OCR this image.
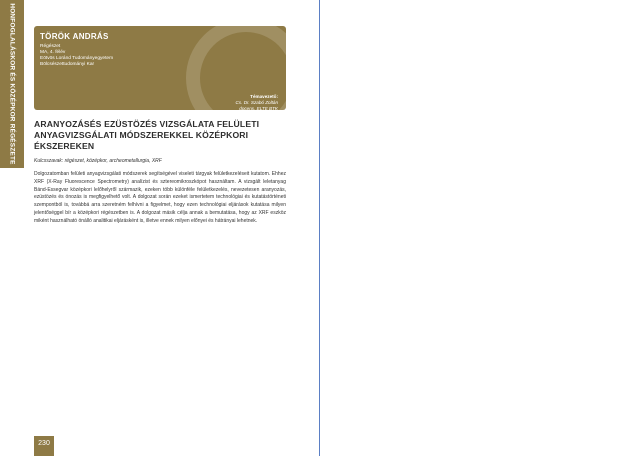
HONFOGLALÁSKOR ÉS KÖZÉPKOR RÉGÉSZETE
230
TÖRÖK ANDRÁS
Régészet
MA, 4. félév
Eötvös Loránd Tudományegyetem
Bölcsészettudományi Kar
Témavezető:
Cs. Dr. Szabó Zoltán
docens, ELTE BTK
ARANYOZÁSÉS EZÜSTÖZÉS VIZSGÁLATA FELÜLETI ANYAGVIZSGÁLATI MÓDSZEREKKEL KÖZÉPKORI ÉKSZEREKEN
Kulcsszavak: régészet, középkor, archeometallurgia, XRF

Dolgozatomban felületi anyagvizsgálati módszerek segítségével viseleti tárgyak felületkezeléseit kutatom. Ehhez XRF (X-Ray Fluorescence Spectrometry) analízist és sztereomikroszkópot használtam. A vizsgált leletanyag Bánd-Essegvar középkori lelőhelyről származik, ezeken több különféle felületkezelés, nevezetesen aranyozás, ezüstözés és ónozás is megfigyelhető volt. A dolgozat során ezeket ismertetem technológiai és kutatástörténeti szempontból is, továbbá arra szeretném felhívni a figyelmet, hogy ezen technológiai eljárások kutatása milyen jelentőséggel bír a középkori régészetben is. A dolgozat másik célja annak a bemutatása, hogy az XRF eszköz miként használható önálló analitikai eljárásként is, illetve ennek milyen előnyei és hátrányai lehetnek.
